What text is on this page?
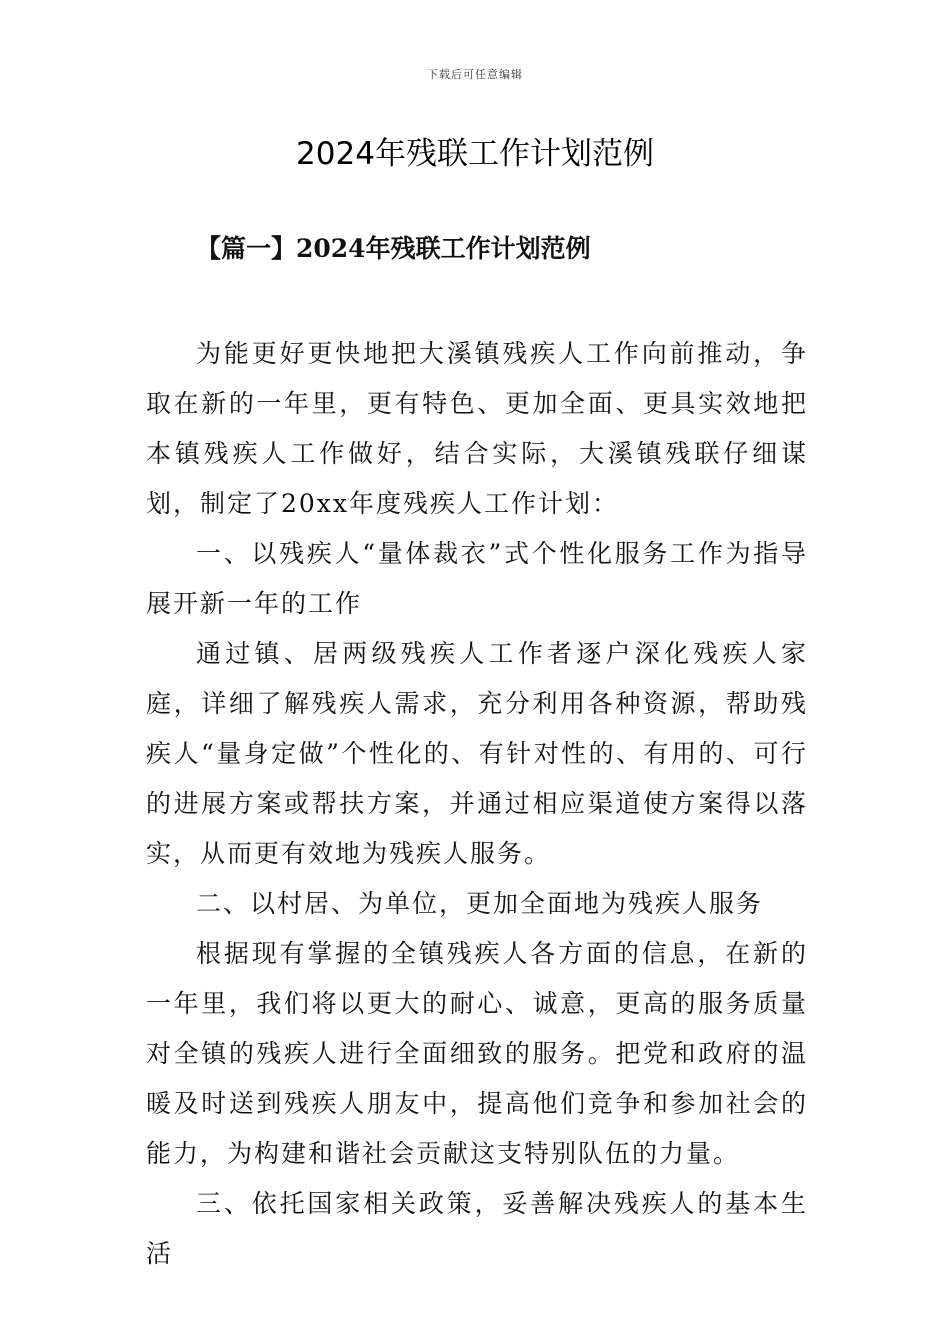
下载后可任意编辑
2024年残联工作计划范例
【篇一】2024年残联工作计划范例

为能更好更快地把大溪镇残疾人工作向前推动，争取在新的一年里，更有特色、更加全面、更具实效地把本镇残疾人工作做好，结合实际，大溪镇残联仔细谋划，制定了20xx年度残疾人工作计划：

一、以残疾人“量体裁衣”式个性化服务工作为指导展开新一年的工作

通过镇、居两级残疾人工作者逐户深化残疾人家庭，详细了解残疾人需求，充分利用各种资源，帮助残疾人“量身定做”个性化的、有针对性的、有用的、可行的进展方案或帮扶方案，并通过相应渠道使方案得以落实，从而更有效地为残疾人服务。

二、以村居、为单位，更加全面地为残疾人服务

根据现有掌握的全镇残疾人各方面的信息，在新的一年里，我们将以更大的耐心、诚意，更高的服务质量对全镇的残疾人进行全面细致的服务。把党和政府的温暖及时送到残疾人朋友中，提高他们竞争和参加社会的能力，为构建和谐社会贡献这支特别队伍的力量。

三、依托国家相关政策，妥善解决残疾人的基本生活
